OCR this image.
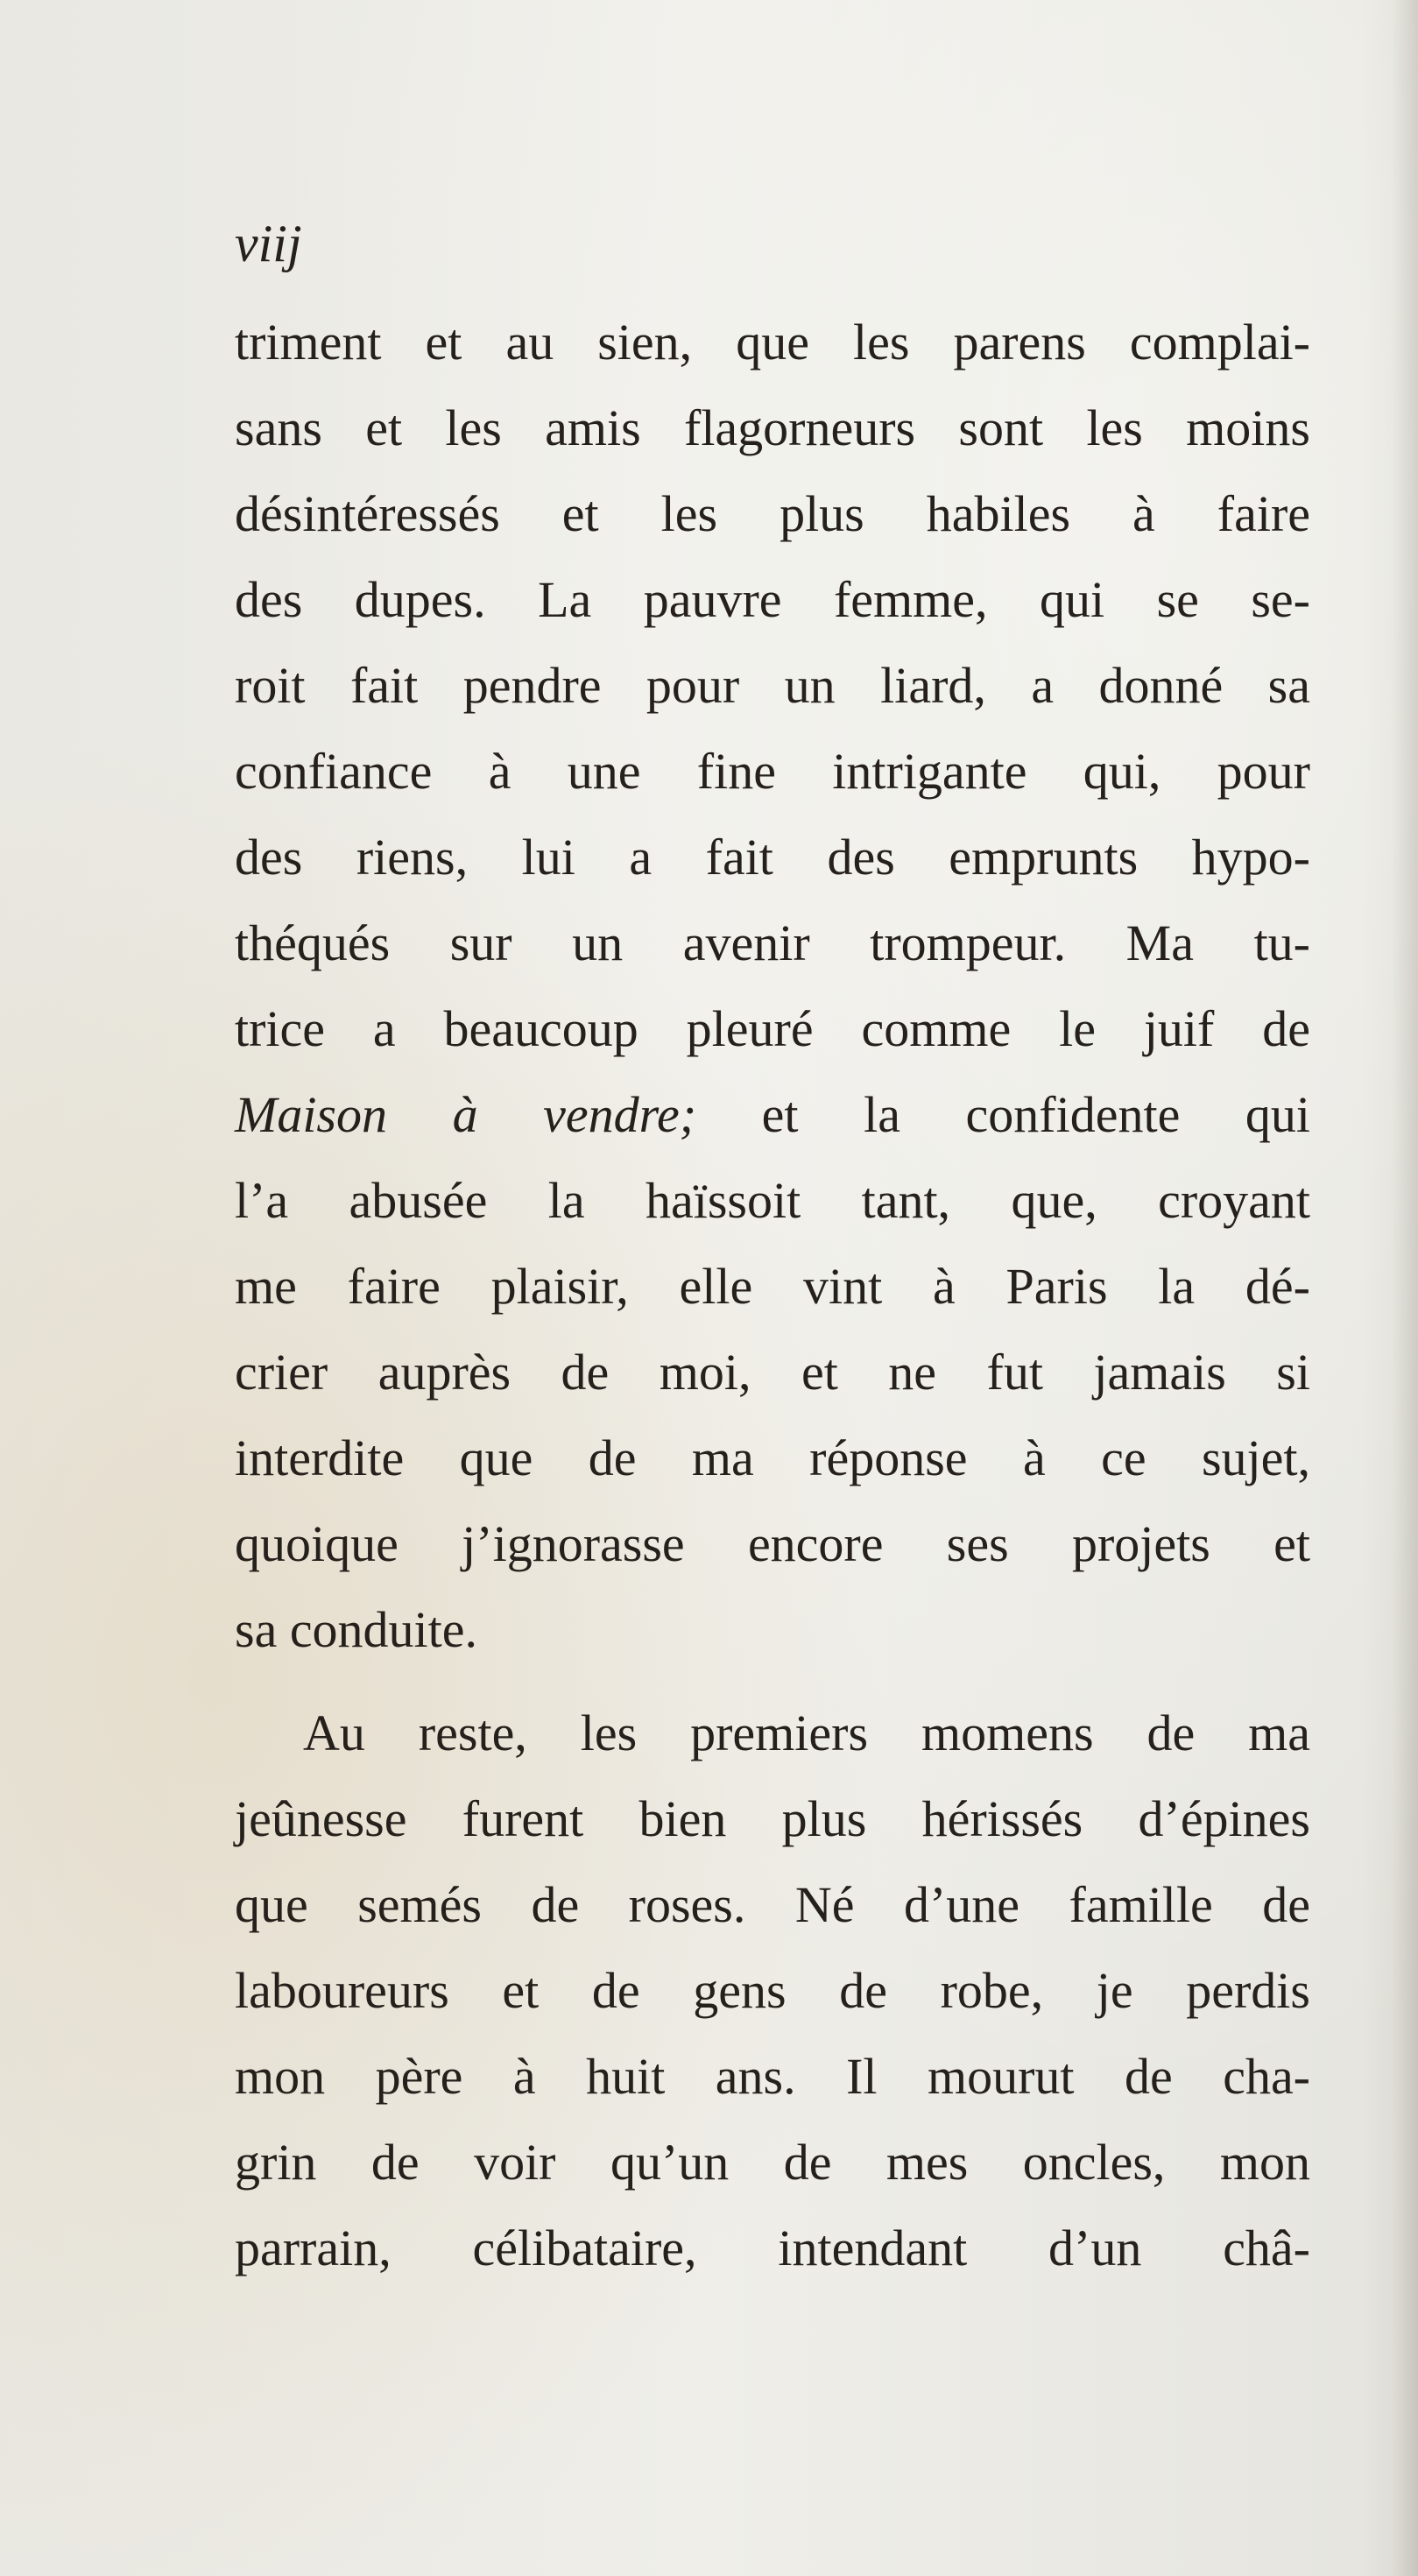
viij

triment et au sien, que les parens complai-
sans et les amis flagorneurs sont les moins
désintéressés et les plus habiles à faire
des dupes. La pauvre femme, qui se se-
roit fait pendre pour un liard, a donné sa
confiance à une fine intrigante qui, pour
des riens, lui a fait des emprunts hypo-
théqués sur un avenir trompeur. Ma tu-
trice a beaucoup pleuré comme le juif de
Maison à vendre; et la confidente qui
l’a abusée la haïssoit tant, que, croyant
me faire plaisir, elle vint à Paris la dé-
crier auprès de moi, et ne fut jamais si
interdite que de ma réponse à ce sujet,
quoique j’ignorasse encore ses projets et
sa conduite.
Au reste, les premiers momens de ma
jeûnesse furent bien plus hérissés d’épines
que semés de roses. Né d’une famille de
laboureurs et de gens de robe, je perdis
mon père à huit ans. Il mourut de cha-
grin de voir qu’un de mes oncles, mon
parrain, célibataire, intendant d’un châ-
